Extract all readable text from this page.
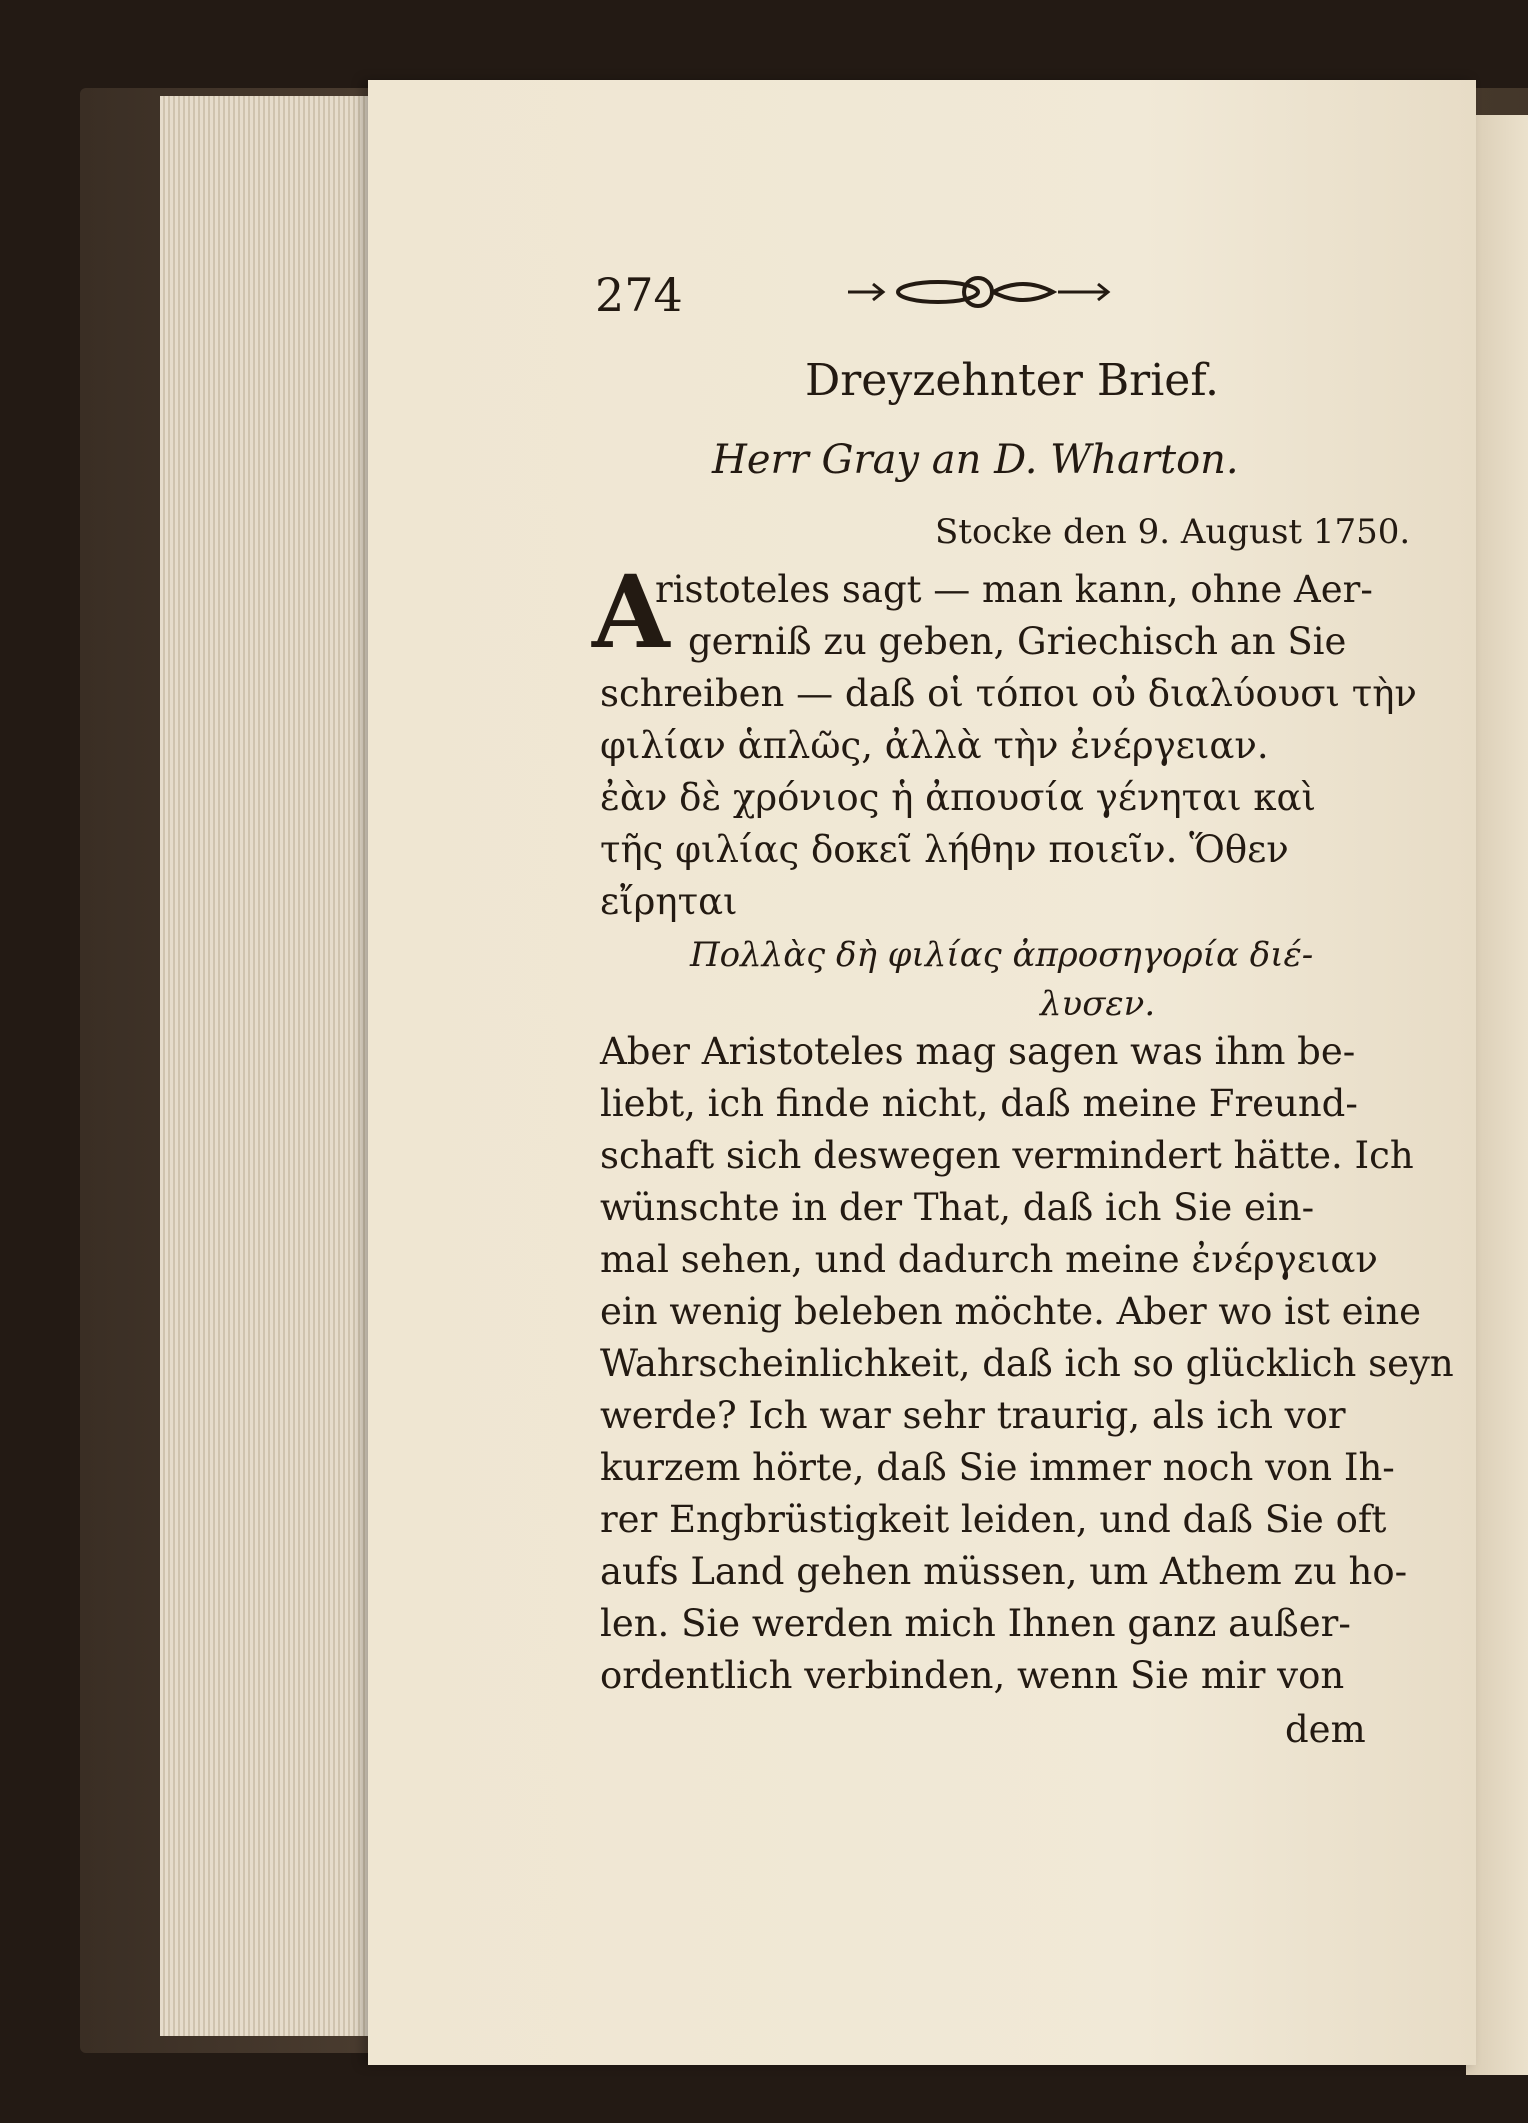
274
Dreyzehnter Brief.
Herr Gray an D. Wharton.
Stocke den 9. August 1750.
A
ristoteles sagt — man kann, ohne Aer-
gerniß zu geben, Griechisch an Sie
schreiben — daß οἱ τόποι οὐ διαλύουσι τὴν
φιλίαν ἁπλῶς, ἀλλὰ τὴν ἐνέργειαν.
ἐὰν δὲ χρόνιος ἡ ἀπουσία γένηται καὶ
τῆς φιλίας δοκεῖ λήθην ποιεῖν. Ὅθεν
εἴρηται
Πολλὰς δὴ φιλίας ἀπροσηγορία διέ-
λυσεν.
Aber Aristoteles mag sagen was ihm be-
liebt, ich finde nicht, daß meine Freund-
schaft sich deswegen vermindert hätte. Ich
wünschte in der That, daß ich Sie ein-
mal sehen, und dadurch meine ἐνέργειαν
ein wenig beleben möchte. Aber wo ist eine
Wahrscheinlichkeit, daß ich so glücklich seyn
werde? Ich war sehr traurig, als ich vor
kurzem hörte, daß Sie immer noch von Ih-
rer Engbrüstigkeit leiden, und daß Sie oft
aufs Land gehen müssen, um Athem zu ho-
len. Sie werden mich Ihnen ganz außer-
ordentlich verbinden, wenn Sie mir von
dem
